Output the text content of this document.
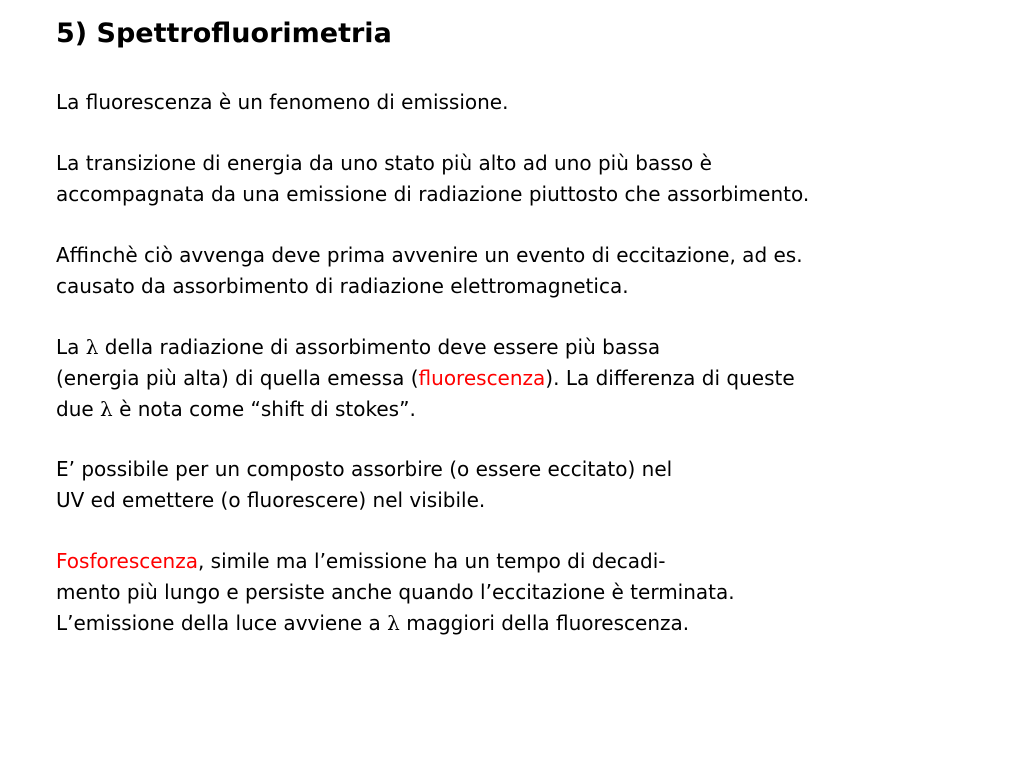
5) Spettrofluorimetria

La fluorescenza è un fenomeno di emissione.

La transizione di energia da uno stato più alto ad uno più basso è
accompagnata da una emissione di radiazione piuttosto che assorbimento.

Affinchè ciò avvenga deve prima avvenire un evento di eccitazione, ad es.
causato da assorbimento di radiazione elettromagnetica.

La λ della radiazione di assorbimento deve essere più bassa
(energia più alta) di quella emessa (fluorescenza). La differenza di queste
due λ è nota come “shift di stokes”.

E’ possibile per un composto assorbire (o essere eccitato) nel
UV ed emettere (o fluorescere) nel visibile.

Fosforescenza, simile ma l’emissione ha un tempo di decadi-
mento più lungo e persiste anche quando l’eccitazione è terminata.
L’emissione della luce avviene a λ maggiori della fluorescenza.
